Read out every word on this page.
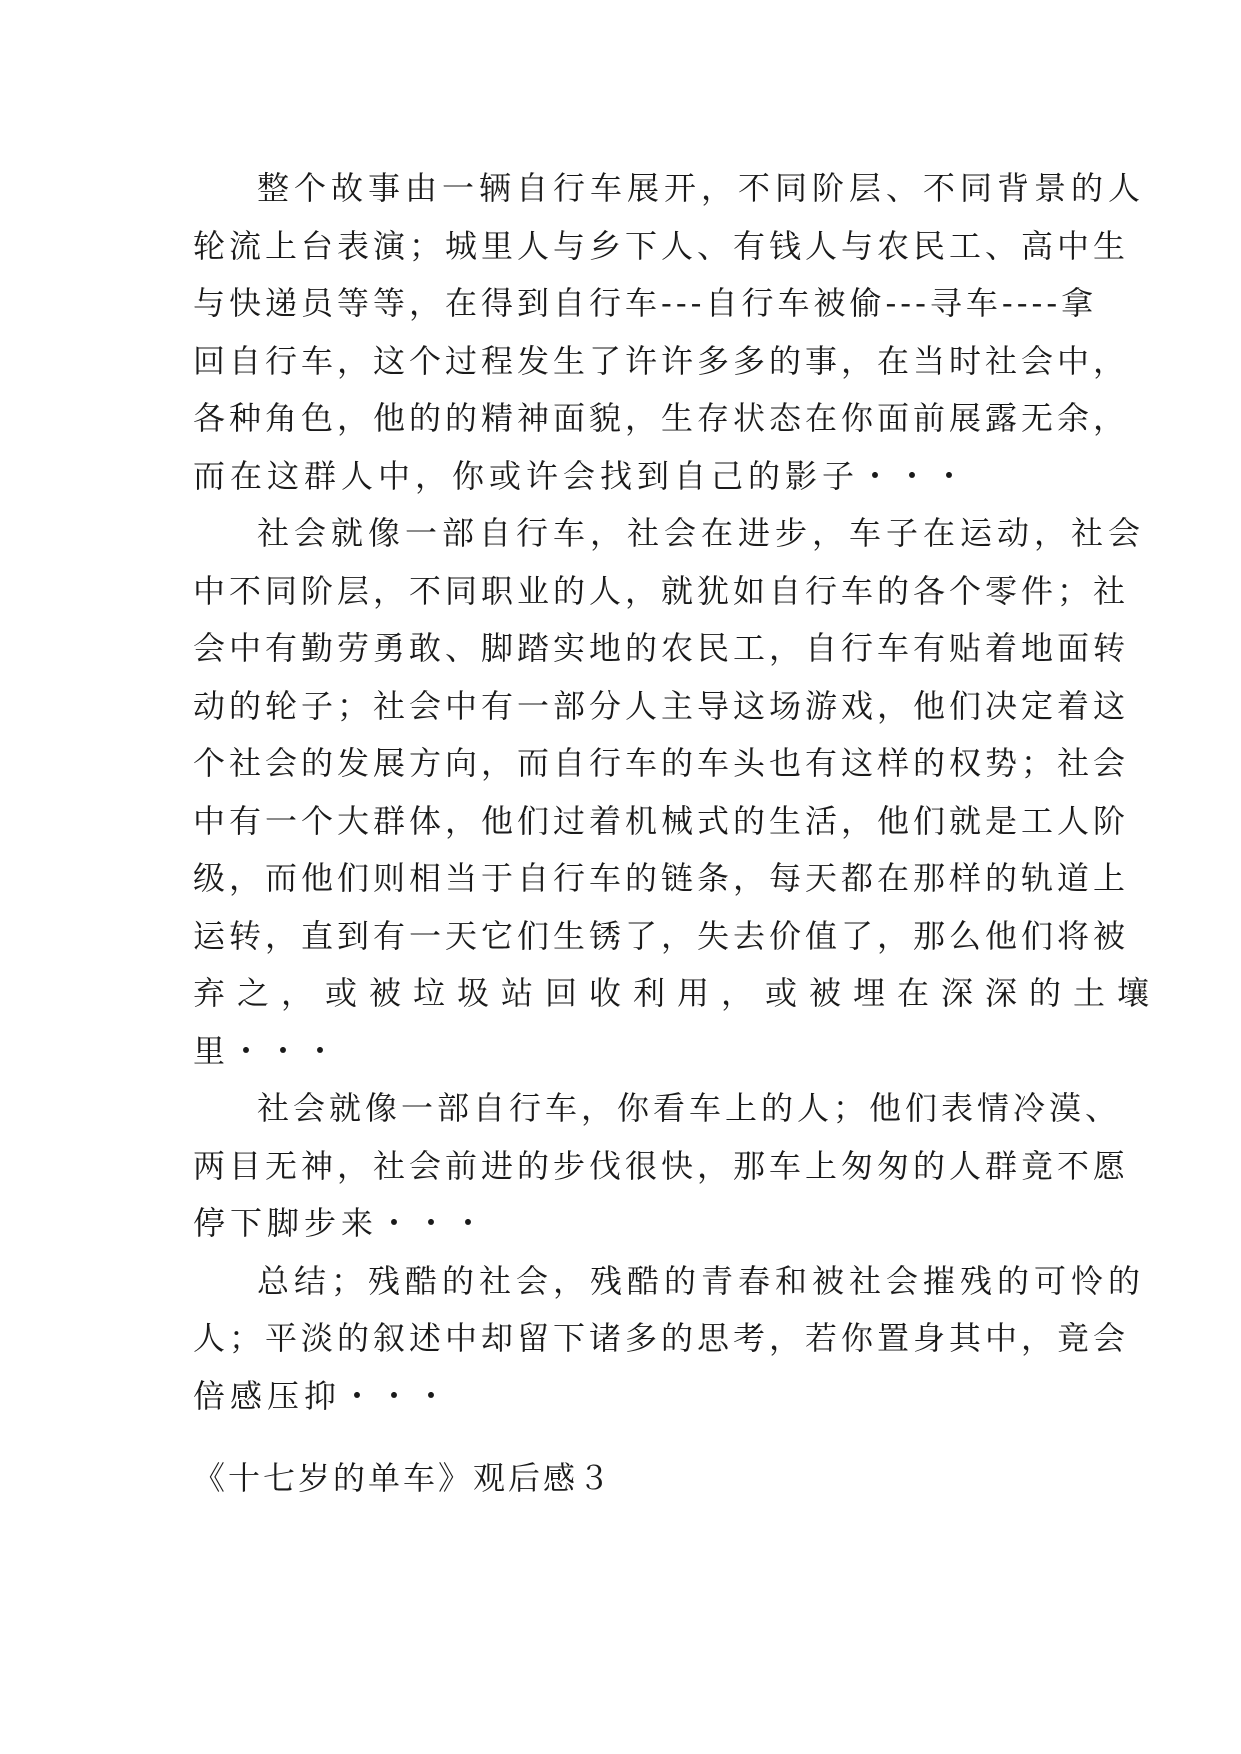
整个故事由一辆自行车展开，不同阶层、不同背景的人
轮流上台表演；城里人与乡下人、有钱人与农民工、高中生
与快递员等等，在得到自行车---自行车被偷---寻车----拿
回自行车，这个过程发生了许许多多的事，在当时社会中，
各种角色，他的的精神面貌，生存状态在你面前展露无余，
而在这群人中，你或许会找到自己的影子・・・
社会就像一部自行车，社会在进步，车子在运动，社会
中不同阶层，不同职业的人，就犹如自行车的各个零件；社
会中有勤劳勇敢、脚踏实地的农民工，自行车有贴着地面转
动的轮子；社会中有一部分人主导这场游戏，他们决定着这
个社会的发展方向，而自行车的车头也有这样的权势；社会
中有一个大群体，他们过着机械式的生活，他们就是工人阶
级，而他们则相当于自行车的链条，每天都在那样的轨道上
运转，直到有一天它们生锈了，失去价值了，那么他们将被
弃之，或被垃圾站回收利用，或被埋在深深的土壤
里・・・
社会就像一部自行车，你看车上的人；他们表情冷漠、
两目无神，社会前进的步伐很快，那车上匆匆的人群竟不愿
停下脚步来・・・
总结；残酷的社会，残酷的青春和被社会摧残的可怜的
人；平淡的叙述中却留下诸多的思考，若你置身其中，竟会
倍感压抑・・・
《十七岁的单车》观后感３
